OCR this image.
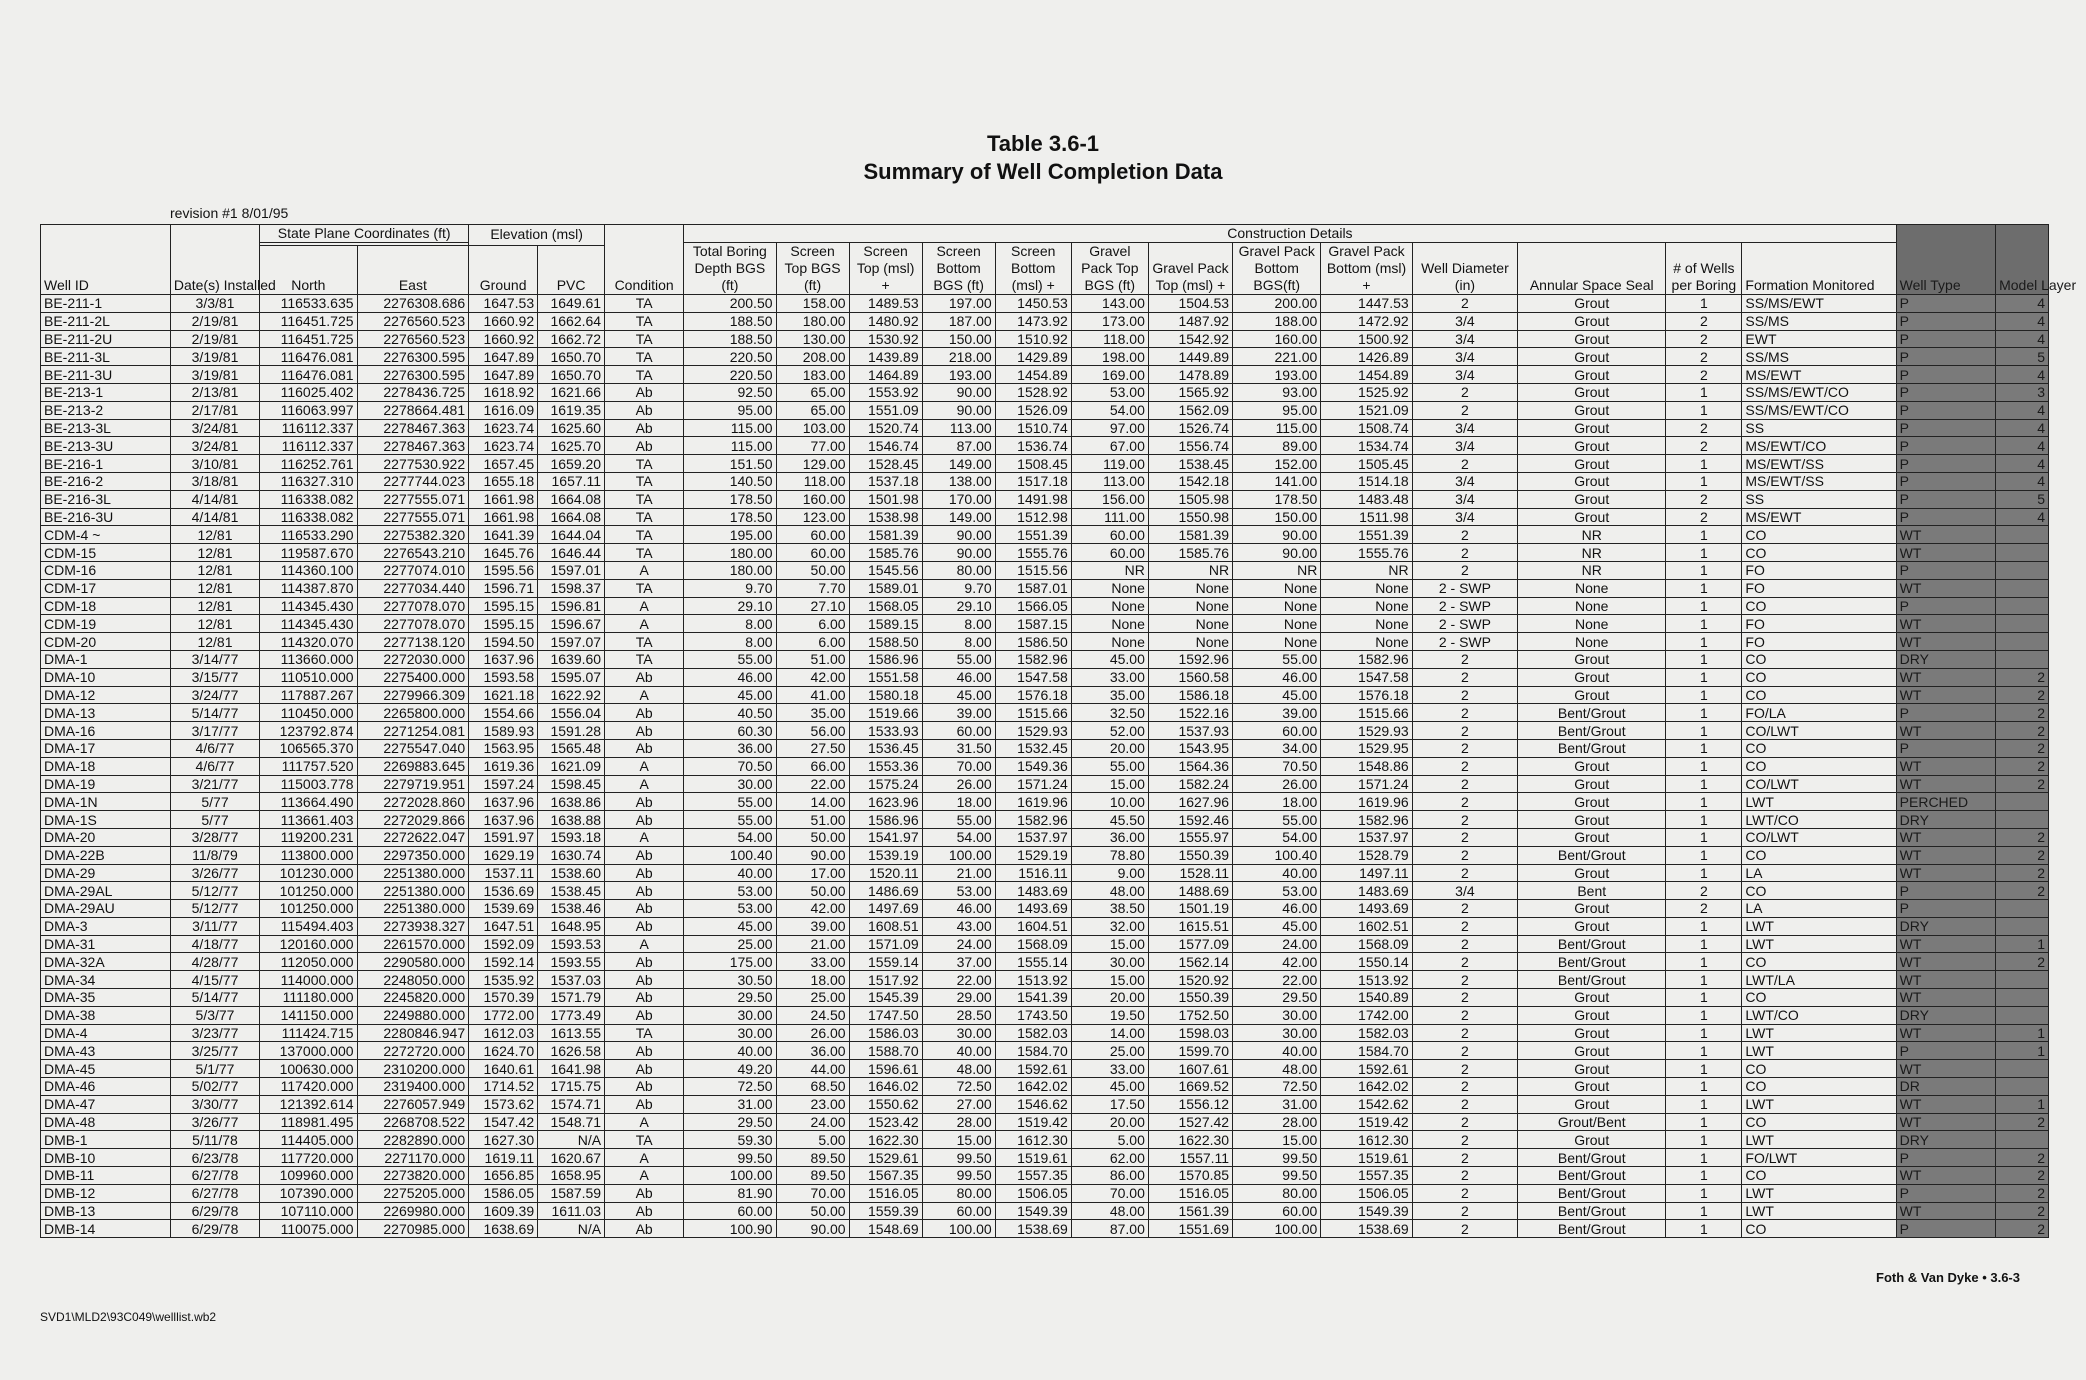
Table 3.6-1
Summary of Well Completion Data
revision #1 8/01/95
Well ID	Date(s) Installed	State Plane Coordinates (ft)		Elevation (msl)		Condition	Construction Details													Well Type	Model Layer
							Total Boring Depth BGS (ft)	Screen Top BGS (ft)	Screen Top (msl) +	Screen Bottom BGS (ft)	Screen Bottom (msl) +	Gravel Pack Top BGS (ft)	Gravel Pack Top (msl) +	Gravel Pack Bottom BGS(ft)	Gravel Pack Bottom (msl) +	Well Diameter (in)	Annular Space Seal	# of Wells per Boring	Formation Monitored		
		North	East	Ground	PVC																
BE-211-1	3/3/81	116533.635	2276308.686	1647.53	1649.61	TA	200.50	158.00	1489.53	197.00	1450.53	143.00	1504.53	200.00	1447.53	2	Grout	1	SS/MS/EWT	P	4
BE-211-2L	2/19/81	116451.725	2276560.523	1660.92	1662.64	TA	188.50	180.00	1480.92	187.00	1473.92	173.00	1487.92	188.00	1472.92	3/4	Grout	2	SS/MS	P	4
BE-211-2U	2/19/81	116451.725	2276560.523	1660.92	1662.72	TA	188.50	130.00	1530.92	150.00	1510.92	118.00	1542.92	160.00	1500.92	3/4	Grout	2	EWT	P	4
BE-211-3L	3/19/81	116476.081	2276300.595	1647.89	1650.70	TA	220.50	208.00	1439.89	218.00	1429.89	198.00	1449.89	221.00	1426.89	3/4	Grout	2	SS/MS	P	5
BE-211-3U	3/19/81	116476.081	2276300.595	1647.89	1650.70	TA	220.50	183.00	1464.89	193.00	1454.89	169.00	1478.89	193.00	1454.89	3/4	Grout	2	MS/EWT	P	4
BE-213-1	2/13/81	116025.402	2278436.725	1618.92	1621.66	Ab	92.50	65.00	1553.92	90.00	1528.92	53.00	1565.92	93.00	1525.92	2	Grout	1	SS/MS/EWT/CO	P	3
BE-213-2	2/17/81	116063.997	2278664.481	1616.09	1619.35	Ab	95.00	65.00	1551.09	90.00	1526.09	54.00	1562.09	95.00	1521.09	2	Grout	1	SS/MS/EWT/CO	P	4
BE-213-3L	3/24/81	116112.337	2278467.363	1623.74	1625.60	Ab	115.00	103.00	1520.74	113.00	1510.74	97.00	1526.74	115.00	1508.74	3/4	Grout	2	SS	P	4
BE-213-3U	3/24/81	116112.337	2278467.363	1623.74	1625.70	Ab	115.00	77.00	1546.74	87.00	1536.74	67.00	1556.74	89.00	1534.74	3/4	Grout	2	MS/EWT/CO	P	4
BE-216-1	3/10/81	116252.761	2277530.922	1657.45	1659.20	TA	151.50	129.00	1528.45	149.00	1508.45	119.00	1538.45	152.00	1505.45	2	Grout	1	MS/EWT/SS	P	4
BE-216-2	3/18/81	116327.310	2277744.023	1655.18	1657.11	TA	140.50	118.00	1537.18	138.00	1517.18	113.00	1542.18	141.00	1514.18	3/4	Grout	1	MS/EWT/SS	P	4
BE-216-3L	4/14/81	116338.082	2277555.071	1661.98	1664.08	TA	178.50	160.00	1501.98	170.00	1491.98	156.00	1505.98	178.50	1483.48	3/4	Grout	2	SS	P	5
BE-216-3U	4/14/81	116338.082	2277555.071	1661.98	1664.08	TA	178.50	123.00	1538.98	149.00	1512.98	111.00	1550.98	150.00	1511.98	3/4	Grout	2	MS/EWT	P	4
CDM-4 ~	12/81	116533.290	2275382.320	1641.39	1644.04	TA	195.00	60.00	1581.39	90.00	1551.39	60.00	1581.39	90.00	1551.39	2	NR	1	CO	WT	
CDM-15	12/81	119587.670	2276543.210	1645.76	1646.44	TA	180.00	60.00	1585.76	90.00	1555.76	60.00	1585.76	90.00	1555.76	2	NR	1	CO	WT	
CDM-16	12/81	114360.100	2277074.010	1595.56	1597.01	A	180.00	50.00	1545.56	80.00	1515.56	NR	NR	NR	NR	2	NR	1	FO	P	
CDM-17	12/81	114387.870	2277034.440	1596.71	1598.37	TA	9.70	7.70	1589.01	9.70	1587.01	None	None	None	None	2 - SWP	None	1	FO	WT	
CDM-18	12/81	114345.430	2277078.070	1595.15	1596.81	A	29.10	27.10	1568.05	29.10	1566.05	None	None	None	None	2 - SWP	None	1	CO	P	
CDM-19	12/81	114345.430	2277078.070	1595.15	1596.67	A	8.00	6.00	1589.15	8.00	1587.15	None	None	None	None	2 - SWP	None	1	FO	WT	
CDM-20	12/81	114320.070	2277138.120	1594.50	1597.07	TA	8.00	6.00	1588.50	8.00	1586.50	None	None	None	None	2 - SWP	None	1	FO	WT	
DMA-1	3/14/77	113660.000	2272030.000	1637.96	1639.60	TA	55.00	51.00	1586.96	55.00	1582.96	45.00	1592.96	55.00	1582.96	2	Grout	1	CO	DRY	
DMA-10	3/15/77	110510.000	2275400.000	1593.58	1595.07	Ab	46.00	42.00	1551.58	46.00	1547.58	33.00	1560.58	46.00	1547.58	2	Grout	1	CO	WT	2
DMA-12	3/24/77	117887.267	2279966.309	1621.18	1622.92	A	45.00	41.00	1580.18	45.00	1576.18	35.00	1586.18	45.00	1576.18	2	Grout	1	CO	WT	2
DMA-13	5/14/77	110450.000	2265800.000	1554.66	1556.04	Ab	40.50	35.00	1519.66	39.00	1515.66	32.50	1522.16	39.00	1515.66	2	Bent/Grout	1	FO/LA	P	2
DMA-16	3/17/77	123792.874	2271254.081	1589.93	1591.28	Ab	60.30	56.00	1533.93	60.00	1529.93	52.00	1537.93	60.00	1529.93	2	Bent/Grout	1	CO/LWT	WT	2
DMA-17	4/6/77	106565.370	2275547.040	1563.95	1565.48	Ab	36.00	27.50	1536.45	31.50	1532.45	20.00	1543.95	34.00	1529.95	2	Bent/Grout	1	CO	P	2
DMA-18	4/6/77	111757.520	2269883.645	1619.36	1621.09	A	70.50	66.00	1553.36	70.00	1549.36	55.00	1564.36	70.50	1548.86	2	Grout	1	CO	WT	2
DMA-19	3/21/77	115003.778	2279719.951	1597.24	1598.45	A	30.00	22.00	1575.24	26.00	1571.24	15.00	1582.24	26.00	1571.24	2	Grout	1	CO/LWT	WT	2
DMA-1N	5/77	113664.490	2272028.860	1637.96	1638.86	Ab	55.00	14.00	1623.96	18.00	1619.96	10.00	1627.96	18.00	1619.96	2	Grout	1	LWT	PERCHED	
DMA-1S	5/77	113661.403	2272029.866	1637.96	1638.88	Ab	55.00	51.00	1586.96	55.00	1582.96	45.50	1592.46	55.00	1582.96	2	Grout	1	LWT/CO	DRY	
DMA-20	3/28/77	119200.231	2272622.047	1591.97	1593.18	A	54.00	50.00	1541.97	54.00	1537.97	36.00	1555.97	54.00	1537.97	2	Grout	1	CO/LWT	WT	2
DMA-22B	11/8/79	113800.000	2297350.000	1629.19	1630.74	Ab	100.40	90.00	1539.19	100.00	1529.19	78.80	1550.39	100.40	1528.79	2	Bent/Grout	1	CO	WT	2
DMA-29	3/26/77	101230.000	2251380.000	1537.11	1538.60	Ab	40.00	17.00	1520.11	21.00	1516.11	9.00	1528.11	40.00	1497.11	2	Grout	1	LA	WT	2
DMA-29AL	5/12/77	101250.000	2251380.000	1536.69	1538.45	Ab	53.00	50.00	1486.69	53.00	1483.69	48.00	1488.69	53.00	1483.69	3/4	Bent	2	CO	P	2
DMA-29AU	5/12/77	101250.000	2251380.000	1539.69	1538.46	Ab	53.00	42.00	1497.69	46.00	1493.69	38.50	1501.19	46.00	1493.69	2	Grout	2	LA	P	
DMA-3	3/11/77	115494.403	2273938.327	1647.51	1648.95	Ab	45.00	39.00	1608.51	43.00	1604.51	32.00	1615.51	45.00	1602.51	2	Grout	1	LWT	DRY	
DMA-31	4/18/77	120160.000	2261570.000	1592.09	1593.53	A	25.00	21.00	1571.09	24.00	1568.09	15.00	1577.09	24.00	1568.09	2	Bent/Grout	1	LWT	WT	1
DMA-32A	4/28/77	112050.000	2290580.000	1592.14	1593.55	Ab	175.00	33.00	1559.14	37.00	1555.14	30.00	1562.14	42.00	1550.14	2	Bent/Grout	1	CO	WT	2
DMA-34	4/15/77	114000.000	2248050.000	1535.92	1537.03	Ab	30.50	18.00	1517.92	22.00	1513.92	15.00	1520.92	22.00	1513.92	2	Bent/Grout	1	LWT/LA	WT	
DMA-35	5/14/77	111180.000	2245820.000	1570.39	1571.79	Ab	29.50	25.00	1545.39	29.00	1541.39	20.00	1550.39	29.50	1540.89	2	Grout	1	CO	WT	
DMA-38	5/3/77	141150.000	2249880.000	1772.00	1773.49	Ab	30.00	24.50	1747.50	28.50	1743.50	19.50	1752.50	30.00	1742.00	2	Grout	1	LWT/CO	DRY	
DMA-4	3/23/77	111424.715	2280846.947	1612.03	1613.55	TA	30.00	26.00	1586.03	30.00	1582.03	14.00	1598.03	30.00	1582.03	2	Grout	1	LWT	WT	1
DMA-43	3/25/77	137000.000	2272720.000	1624.70	1626.58	Ab	40.00	36.00	1588.70	40.00	1584.70	25.00	1599.70	40.00	1584.70	2	Grout	1	LWT	P	1
DMA-45	5/1/77	100630.000	2310200.000	1640.61	1641.98	Ab	49.20	44.00	1596.61	48.00	1592.61	33.00	1607.61	48.00	1592.61	2	Grout	1	CO	WT	
DMA-46	5/02/77	117420.000	2319400.000	1714.52	1715.75	Ab	72.50	68.50	1646.02	72.50	1642.02	45.00	1669.52	72.50	1642.02	2	Grout	1	CO	DR	
DMA-47	3/30/77	121392.614	2276057.949	1573.62	1574.71	Ab	31.00	23.00	1550.62	27.00	1546.62	17.50	1556.12	31.00	1542.62	2	Grout	1	LWT	WT	1
DMA-48	3/26/77	118981.495	2268708.522	1547.42	1548.71	A	29.50	24.00	1523.42	28.00	1519.42	20.00	1527.42	28.00	1519.42	2	Grout/Bent	1	CO	WT	2
DMB-1	5/11/78	114405.000	2282890.000	1627.30	N/A	TA	59.30	5.00	1622.30	15.00	1612.30	5.00	1622.30	15.00	1612.30	2	Grout	1	LWT	DRY	
DMB-10	6/23/78	117720.000	2271170.000	1619.11	1620.67	A	99.50	89.50	1529.61	99.50	1519.61	62.00	1557.11	99.50	1519.61	2	Bent/Grout	1	FO/LWT	P	2
DMB-11	6/27/78	109960.000	2273820.000	1656.85	1658.95	A	100.00	89.50	1567.35	99.50	1557.35	86.00	1570.85	99.50	1557.35	2	Bent/Grout	1	CO	WT	2
DMB-12	6/27/78	107390.000	2275205.000	1586.05	1587.59	Ab	81.90	70.00	1516.05	80.00	1506.05	70.00	1516.05	80.00	1506.05	2	Bent/Grout	1	LWT	P	2
DMB-13	6/29/78	107110.000	2269980.000	1609.39	1611.03	Ab	60.00	50.00	1559.39	60.00	1549.39	48.00	1561.39	60.00	1549.39	2	Bent/Grout	1	LWT	WT	2
DMB-14	6/29/78	110075.000	2270985.000	1638.69	N/A	Ab	100.90	90.00	1548.69	100.00	1538.69	87.00	1551.69	100.00	1538.69	2	Bent/Grout	1	CO	P	2
Foth & Van Dyke • 3.6-3
SVD1\MLD2\93C049\welllist.wb2
